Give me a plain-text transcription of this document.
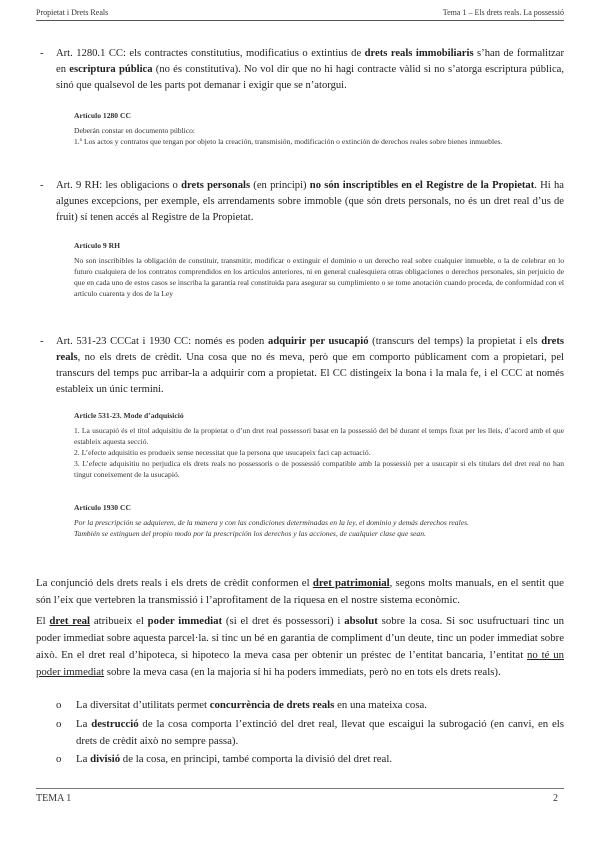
Propietat i Drets Reals	Tema 1 – Els drets reals. La possessió
- Art. 1280.1 CC: els contractes constitutius, modificatius o extintius de drets reals immobiliaris s’han de formalitzar en escriptura pública (no és constitutiva). No vol dir que no hi hagi contracte vàlid si no s’atorga escriptura pública, sinó que qualsevol de les parts pot demanar i exigir que se n’atorgui.
Artículo 1280 CC

Deberán constar en documento público:

1.º Los actos y contratos que tengan por objeto la creación, transmisión, modificación o extinción de derechos reales sobre bienes inmuebles.

- Art. 9 RH: les obligacions o drets personals (en principi) no són inscriptibles en el Registre de la Propietat. Hi ha algunes excepcions, per exemple, els arrendaments sobre immoble (que són drets personals, no és un dret real d’us de fruit) sí tenen accés al Registre de la Propietat.
Artículo 9 RH

No son inscribibles la obligación de constituir, transmitir, modificar o extinguir el dominio o un derecho real sobre cualquier inmueble, o la de celebrar en lo futuro cualquiera de los contratos comprendidos en los artículos anteriores, ni en general cualesquiera otras obligaciones o derechos personales, sin perjuicio de que en cada uno de estos casos se inscriba la garantía real constituida para asegurar su cumplimiento o se tome anotación cuando proceda, de conformidad con el artículo cuarenta y dos de la Ley

- Art. 531-23 CCCat i 1930 CC: només es poden adquirir per usucapió (transcurs del temps) la propietat i els drets reals, no els drets de crèdit. Una cosa que no és meva, però que em comporto públicament com a propietari, pel transcurs del temps puc arribar-la a adquirir com a propietat. El CC distingeix la bona i la mala fe, i el CCC at només estableix un únic termini.
Article 531-23. Mode d’adquisició

1. La usucapió és el títol adquisitiu de la propietat o d’un dret real possessori basat en la possessió del bé durant el temps fixat per les lleis, d’acord amb el que estableix aquesta secció.

2. L’efecte adquisitiu es produeix sense necessitat que la persona que usucapeix faci cap actuació.

3. L’efecte adquisitiu no perjudica els drets reals no possessoris o de possessió compatible amb la possessió per a usucapir si els titulars del dret real no han tingut coneixement de la usucapió.

Artículo 1930 CC

Por la prescripción se adquieren, de la manera y con las condiciones determinadas en la ley, el dominio y demás derechos reales.

También se extinguen del propio modo por la prescripción los derechos y las acciones, de cualquier clase que sean.

La conjunció dels drets reals i els drets de crèdit conformen el dret patrimonial, segons molts manuals, en el sentit que són l’eix que vertebren la transmissió i l’aprofitament de la riquesa en el nostre sistema econòmic.
El dret real atribueix el poder immediat (si el dret és possessori) i absolut sobre la cosa. Si soc usufructuari tinc un poder immediat sobre aquesta parcel·la. si tinc un bé en garantia de compliment d’un deute, tinc un poder immediat sobre això. En el dret real d’hipoteca, si hipoteco la meva casa per obtenir un préstec de l’entitat bancaria, l’entitat no té un poder immediat sobre la meva casa (en la majoria sí hi ha poders immediats, però no en tots els drets reals).
o La diversitat d’utilitats permet concurrència de drets reals en una mateixa cosa.
o La destrucció de la cosa comporta l’extinció del dret real, llevat que escaigui la subrogació (en canvi, en els drets de crèdit això no sempre passa).
o La divisió de la cosa, en principi, també comporta la divisió del dret real.
TEMA 1	2
